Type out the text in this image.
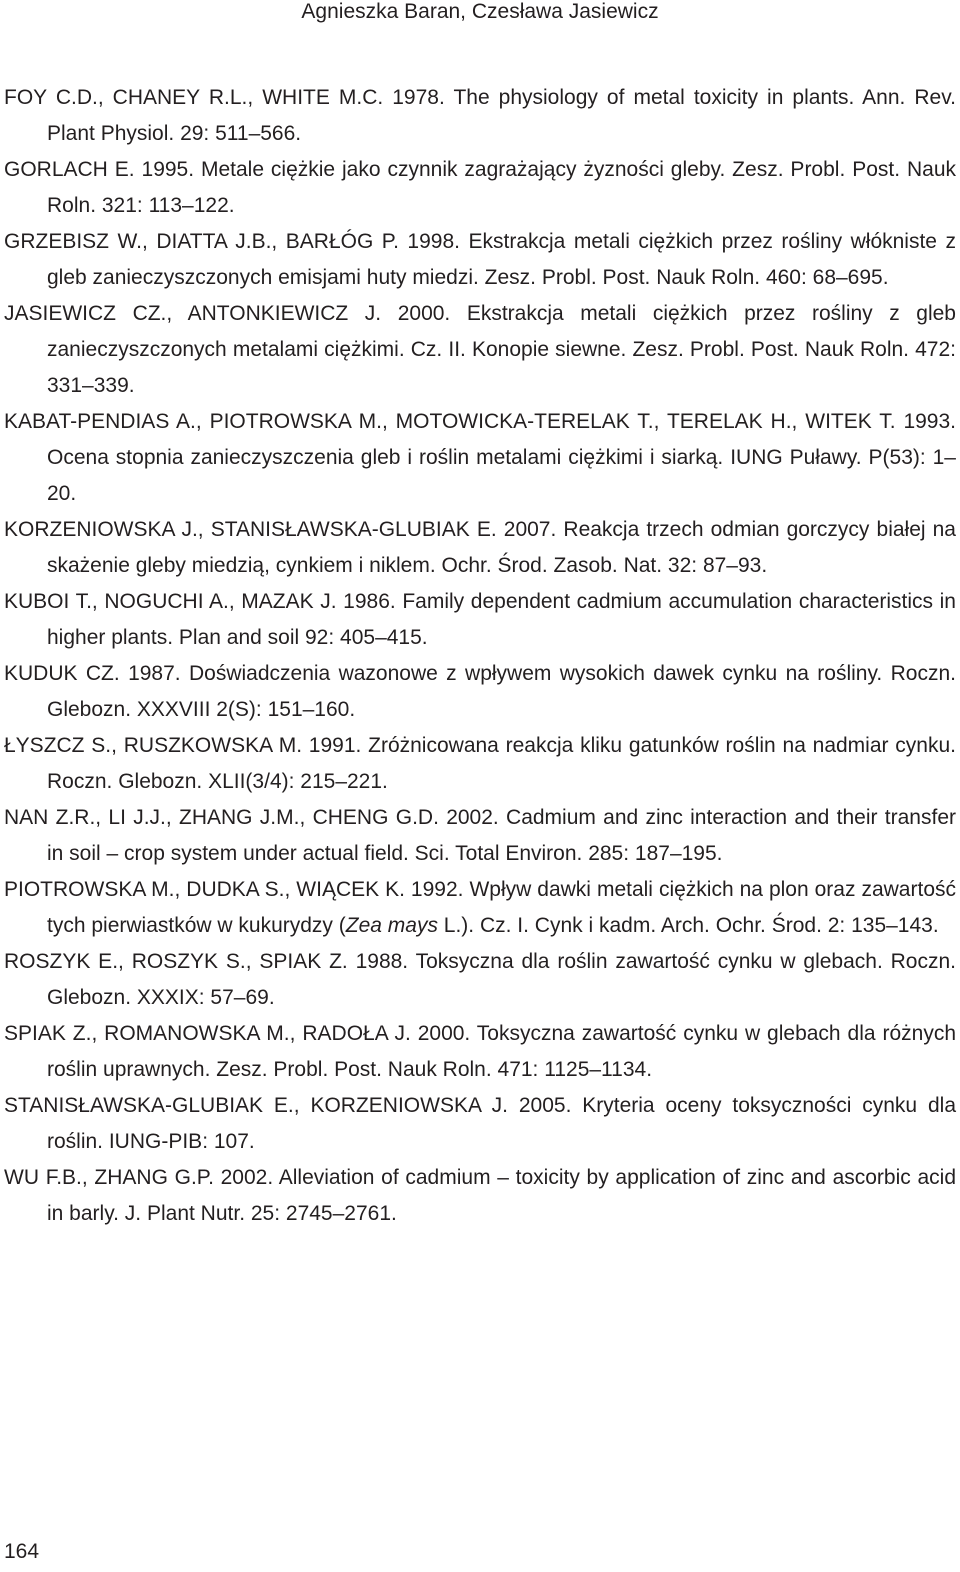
Agnieszka Baran, Czesława Jasiewicz
FOY C.D., CHANEY R.L., WHITE M.C. 1978. The physiology of metal toxicity in plants. Ann. Rev. Plant Physiol. 29: 511–566.
GORLACH E. 1995. Metale ciężkie jako czynnik zagrażający żyzności gleby. Zesz. Probl. Post. Nauk Roln. 321: 113–122.
GRZEBISZ W., DIATTA J.B., BARŁÓG P. 1998. Ekstrakcja metali ciężkich przez rośliny włókniste z gleb zanieczyszczonych emisjami huty miedzi. Zesz. Probl. Post. Nauk Roln. 460: 68–695.
JASIEWICZ CZ., ANTONKIEWICZ J. 2000. Ekstrakcja metali ciężkich przez rośliny z gleb zanieczyszczonych metalami ciężkimi. Cz. II. Konopie siewne. Zesz. Probl. Post. Nauk Roln. 472: 331–339.
KABAT-PENDIAS A., PIOTROWSKA M., MOTOWICKA-TERELAK T., TERELAK H., WITEK T. 1993. Ocena stopnia zanieczyszczenia gleb i roślin metalami ciężkimi i siarką. IUNG Puławy. P(53): 1–20.
KORZENIOWSKA J., STANISŁAWSKA-GLUBIAK E. 2007. Reakcja trzech odmian gorczycy białej na skażenie gleby miedzią, cynkiem i niklem. Ochr. Środ. Zasob. Nat. 32: 87–93.
KUBOI T., NOGUCHI A., MAZAK J. 1986. Family dependent cadmium accumulation characteristics in higher plants. Plan and soil 92: 405–415.
KUDUK CZ. 1987. Doświadczenia wazonowe z wpływem wysokich dawek cynku na rośliny. Roczn. Glebozn. XXXVIII 2(S): 151–160.
ŁYSZCZ S., RUSZKOWSKA M. 1991. Zróżnicowana reakcja kliku gatunków roślin na nadmiar cynku. Roczn. Glebozn. XLII(3/4): 215–221.
NAN Z.R., LI J.J., ZHANG J.M., CHENG G.D. 2002. Cadmium and zinc interaction and their transfer in soil – crop system under actual field. Sci. Total Environ. 285: 187–195.
PIOTROWSKA M., DUDKA S., WIĄCEK K. 1992. Wpływ dawki metali ciężkich na plon oraz zawartość tych pierwiastków w kukurydzy (Zea mays L.). Cz. I. Cynk i kadm. Arch. Ochr. Środ. 2: 135–143.
ROSZYK E., ROSZYK S., SPIAK Z. 1988. Toksyczna dla roślin zawartość cynku w glebach. Roczn. Glebozn. XXXIX: 57–69.
SPIAK Z., ROMANOWSKA M., RADOŁA J. 2000. Toksyczna zawartość cynku w glebach dla różnych roślin uprawnych. Zesz. Probl. Post. Nauk Roln. 471: 1125–1134.
STANISŁAWSKA-GLUBIAK E., KORZENIOWSKA J. 2005. Kryteria oceny toksyczności cynku dla roślin. IUNG-PIB: 107.
WU F.B., ZHANG G.P. 2002. Alleviation of cadmium – toxicity by application of zinc and ascorbic acid in barly. J. Plant Nutr. 25: 2745–2761.
164
